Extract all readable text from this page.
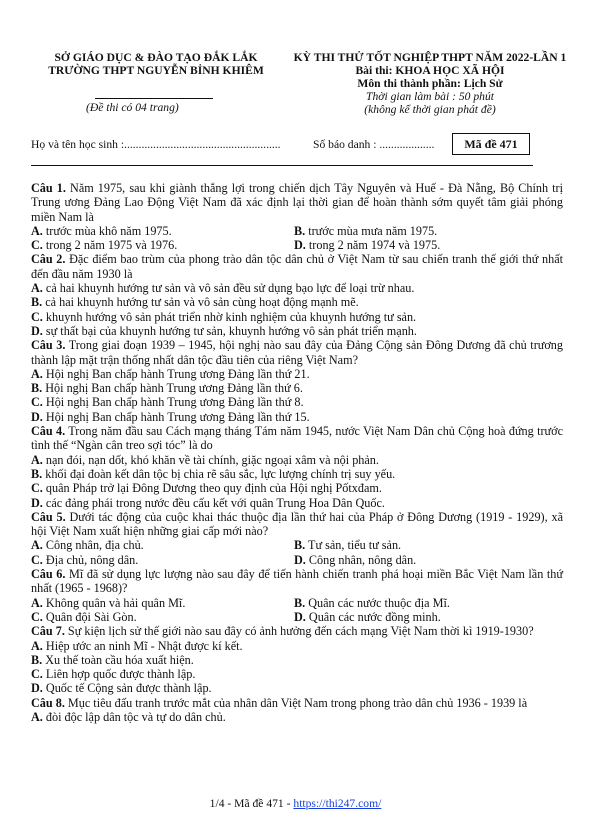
SỞ GIÁO DỤC & ĐÀO TẠO ĐẮK LẮK
TRƯỜNG THPT NGUYỄN BỈNH KHIÊM
KỲ THI THỬ TỐT NGHIỆP THPT NĂM 2022-LẦN 1
Bài thi: KHOA HỌC XÃ HỘI
Môn thi thành phần: Lịch Sử
Thời gian làm bài : 50 phút
(không kể thời gian phát đề)
(Đề thi có 04 trang)
Họ và tên học sinh :......................................................	Số báo danh : ...................	Mã đề 471
Câu 1. Năm 1975, sau khi giành thắng lợi trong chiến dịch Tây Nguyên và Huế - Đà Nẵng, Bộ Chính trị Trung ương Đảng Lao Động Việt Nam đã xác định lại thời gian để hoàn thành sớm quyết tâm giải phóng miền Nam là
A. trước mùa khô năm 1975.	B. trước mùa mưa năm 1975.
C. trong 2 năm 1975 và 1976.	D. trong 2 năm 1974 và 1975.
Câu 2. Đặc điểm bao trùm của phong trào dân tộc dân chủ ở Việt Nam từ sau chiến tranh thế giới thứ nhất đến đầu năm 1930 là
A. cả hai khuynh hướng tư sản và vô sản đều sử dụng bạo lực để loại trừ nhau.
B. cả hai khuynh hướng tư sản và vô sản cùng hoạt động mạnh mẽ.
C. khuynh hướng vô sản phát triển nhờ kinh nghiệm của khuynh hướng tư sản.
D. sự thất bại của khuynh hướng tư sản, khuynh hướng vô sản phát triển mạnh.
Câu 3. Trong giai đoạn 1939 – 1945, hội nghị nào sau đây của Đảng Cộng sản Đông Dương đã chủ trương thành lập mặt trận thống nhất dân tộc đầu tiên của riêng Việt Nam?
A. Hội nghị Ban chấp hành Trung ương Đảng lần thứ 21.
B. Hội nghị Ban chấp hành Trung ương Đảng lần thứ 6.
C. Hội nghị Ban chấp hành Trung ương Đảng lần thứ 8.
D. Hội nghị Ban chấp hành Trung ương Đảng lần thứ 15.
Câu 4. Trong năm đầu sau Cách mạng tháng Tám năm 1945, nước Việt Nam Dân chủ Cộng hoà đứng trước tình thế “Ngàn cân treo sợi tóc” là do
A. nạn đói, nạn dốt, khó khăn về tài chính, giặc ngoại xâm và nội phản.
B. khối đại đoàn kết dân tộc bị chia rẽ sâu sắc, lực lượng chính trị suy yếu.
C. quân Pháp trở lại Đông Dương theo quy định của Hội nghị Pốtxđam.
D. các đảng phái trong nước đều cấu kết với quân Trung Hoa Dân Quốc.
Câu 5. Dưới tác động của cuộc khai thác thuộc địa lần thứ hai của Pháp ở Đông Dương (1919 - 1929), xã hội Việt Nam xuất hiện những giai cấp mới nào?
A. Công nhân, địa chủ.	B. Tư sản, tiểu tư sản.
C. Địa chủ, nông dân.	D. Công nhân, nông dân.
Câu 6. Mĩ đã sử dụng lực lượng nào sau đây để tiến hành chiến tranh phá hoại miền Bắc Việt Nam lần thứ nhất (1965 - 1968)?
A. Không quân và hải quân Mĩ.	B. Quân các nước thuộc địa Mĩ.
C. Quân đội Sài Gòn.	D. Quân các nước đồng minh.
Câu 7. Sự kiện lịch sử thế giới nào sau đây có ảnh hưởng đến cách mạng Việt Nam thời kì 1919-1930?
A. Hiệp ước an ninh Mĩ - Nhật được kí kết.
B. Xu thế toàn cầu hóa xuất hiện.
C. Liên hợp quốc được thành lập.
D. Quốc tế Cộng sản được thành lập.
Câu 8. Mục tiêu đấu tranh trước mắt của nhân dân Việt Nam trong phong trào dân chủ 1936 - 1939 là
A. đòi độc lập dân tộc và tự do dân chủ.
1/4 - Mã đề 471 - https://thi247.com/
